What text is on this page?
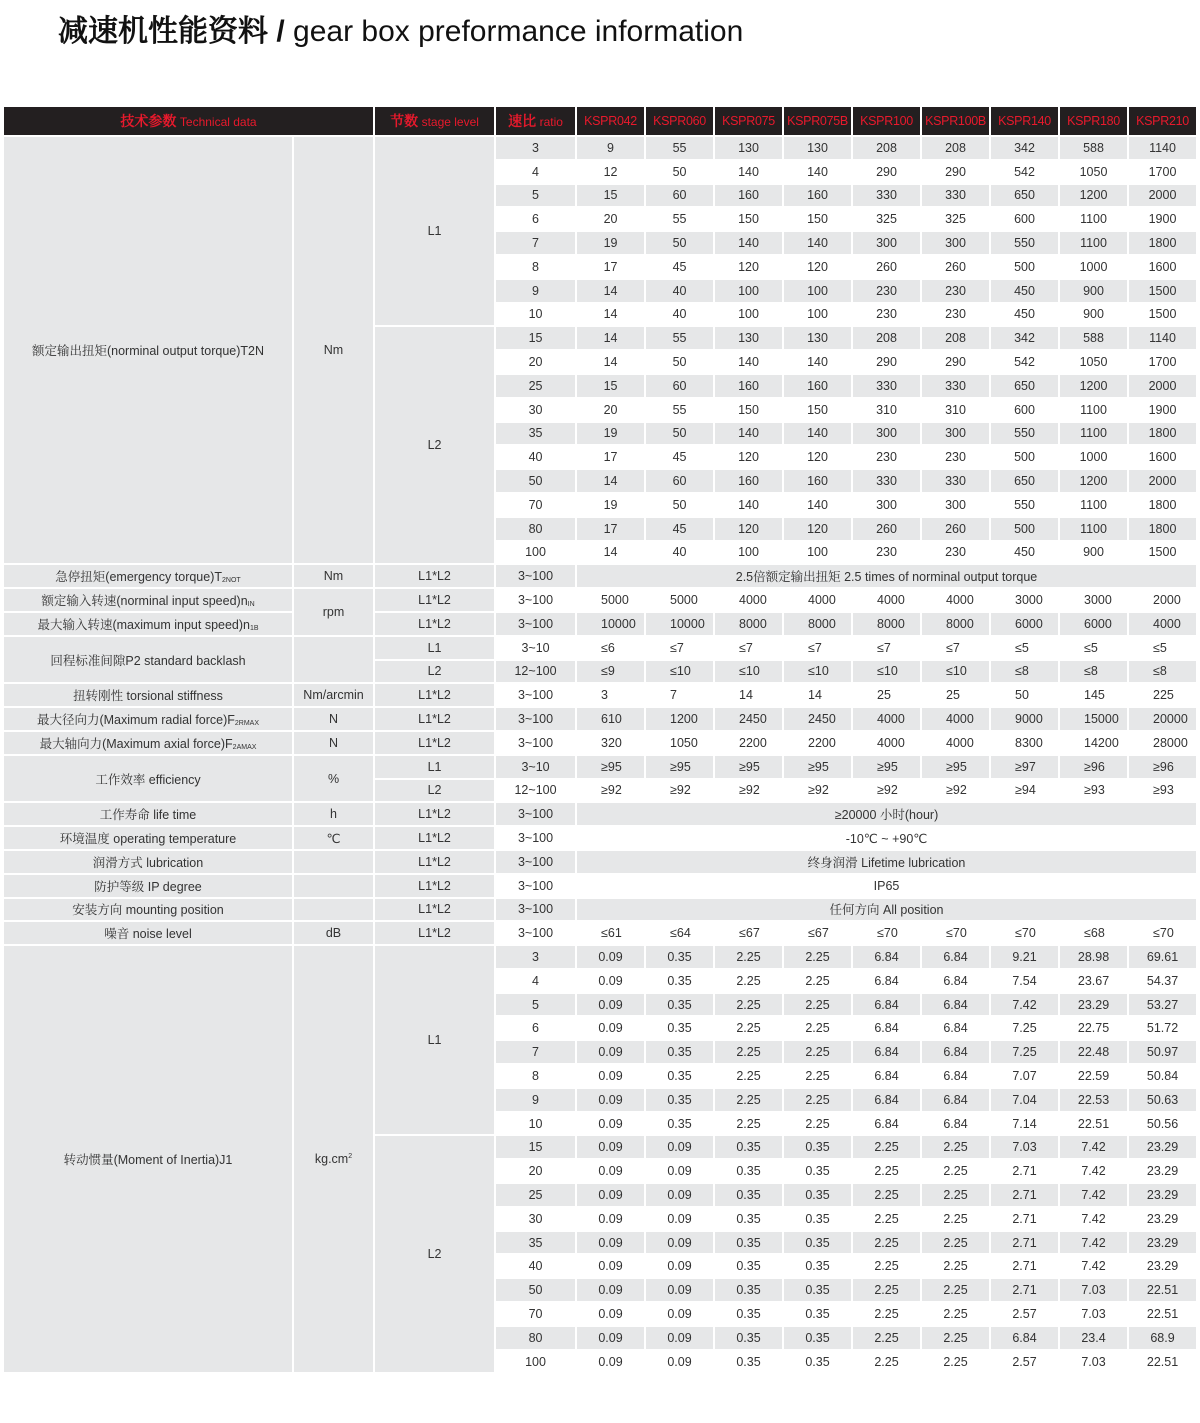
减速机性能资料 / gear box preformance information
技术参数 Technical data		节数 stage level	速比 ratio	KSPR042	KSPR060	KSPR075	KSPR075B	KSPR100	KSPR100B	KSPR140	KSPR180	KSPR210
额定输出扭矩(norminal output torque)T2N	Nm	L1	3	9	55	130	130	208	208	342	588	1140
			4	12	50	140	140	290	290	542	1050	1700
			5	15	60	160	160	330	330	650	1200	2000
			6	20	55	150	150	325	325	600	1100	1900
			7	19	50	140	140	300	300	550	1100	1800
			8	17	45	120	120	260	260	500	1000	1600
			9	14	40	100	100	230	230	450	900	1500
			10	14	40	100	100	230	230	450	900	1500
		L2	15	14	55	130	130	208	208	342	588	1140
			20	14	50	140	140	290	290	542	1050	1700
			25	15	60	160	160	330	330	650	1200	2000
			30	20	55	150	150	310	310	600	1100	1900
			35	19	50	140	140	300	300	550	1100	1800
			40	17	45	120	120	230	230	500	1000	1600
			50	14	60	160	160	330	330	650	1200	2000
			70	19	50	140	140	300	300	550	1100	1800
			80	17	45	120	120	260	260	500	1100	1800
			100	14	40	100	100	230	230	450	900	1500
急停扭矩(emergency $torque)T_{2NOT}$	Nm	L1*L2	3~100	2.5倍额定输出扭矩 2.5 times of norminal output torque								
额定输入转速(norminal input $speed)n_{IN}$	rpm	L1*L2	3~100	5000	5000	4000	4000	4000	4000	3000	3000	2000
最大输入转速(maximum input $speed)n_{1B}$		L1*L2	3~100	10000	10000	8000	8000	8000	8000	6000	6000	4000
回程标准间隙P2 standard backlash		L1	3~10	≤6	≤7	≤7	≤7	≤7	≤7	≤5	≤5	≤5
		L2	12~100	≤9	≤10	≤10	≤10	≤10	≤10	≤8	≤8	≤8
扭转刚性 torsional stiffness	Nm/arcmin	L1*L2	3~100	3	7	14	14	25	25	50	145	225
最大径向力(Maximum radial $force)F_{2RMAX}$	N	L1*L2	3~100	610	1200	2450	2450	4000	4000	9000	15000	20000
最大轴向力(Maximum axial $force)F_{2AMAX}$	N	L1*L2	3~100	320	1050	2200	2200	4000	4000	8300	14200	28000
工作效率 efficiency	%	L1	3~10	≥95	≥95	≥95	≥95	≥95	≥95	≥97	≥96	≥96
		L2	12~100	≥92	≥92	≥92	≥92	≥92	≥92	≥94	≥93	≥93
工作寿命 life time	h	L1*L2	3~100	≥20000 小时(hour)								
环境温度 operating temperature	℃	L1*L2	3~100	-10℃ ~ +90℃								
润滑方式 lubrication		L1*L2	3~100	终身润滑 Lifetime lubrication								
防护等级 IP degree		L1*L2	3~100	IP65								
安装方向 mounting position		L1*L2	3~100	任何方向 All position								
噪音 noise level	dB	L1*L2	3~100	≤61	≤64	≤67	≤67	≤70	≤70	≤70	≤68	≤70
转动惯量(Moment of Inertia)J1	$kg.cm^2$	L1	3	0.09	0.35	2.25	2.25	6.84	6.84	9.21	28.98	69.61
			4	0.09	0.35	2.25	2.25	6.84	6.84	7.54	23.67	54.37
			5	0.09	0.35	2.25	2.25	6.84	6.84	7.42	23.29	53.27
			6	0.09	0.35	2.25	2.25	6.84	6.84	7.25	22.75	51.72
			7	0.09	0.35	2.25	2.25	6.84	6.84	7.25	22.48	50.97
			8	0.09	0.35	2.25	2.25	6.84	6.84	7.07	22.59	50.84
			9	0.09	0.35	2.25	2.25	6.84	6.84	7.04	22.53	50.63
			10	0.09	0.35	2.25	2.25	6.84	6.84	7.14	22.51	50.56
		L2	15	0.09	0.09	0.35	0.35	2.25	2.25	7.03	7.42	23.29
			20	0.09	0.09	0.35	0.35	2.25	2.25	2.71	7.42	23.29
			25	0.09	0.09	0.35	0.35	2.25	2.25	2.71	7.42	23.29
			30	0.09	0.09	0.35	0.35	2.25	2.25	2.71	7.42	23.29
			35	0.09	0.09	0.35	0.35	2.25	2.25	2.71	7.42	23.29
			40	0.09	0.09	0.35	0.35	2.25	2.25	2.71	7.42	23.29
			50	0.09	0.09	0.35	0.35	2.25	2.25	2.71	7.03	22.51
			70	0.09	0.09	0.35	0.35	2.25	2.25	2.57	7.03	22.51
			80	0.09	0.09	0.35	0.35	2.25	2.25	6.84	23.4	68.9
			100	0.09	0.09	0.35	0.35	2.25	2.25	2.57	7.03	22.51
